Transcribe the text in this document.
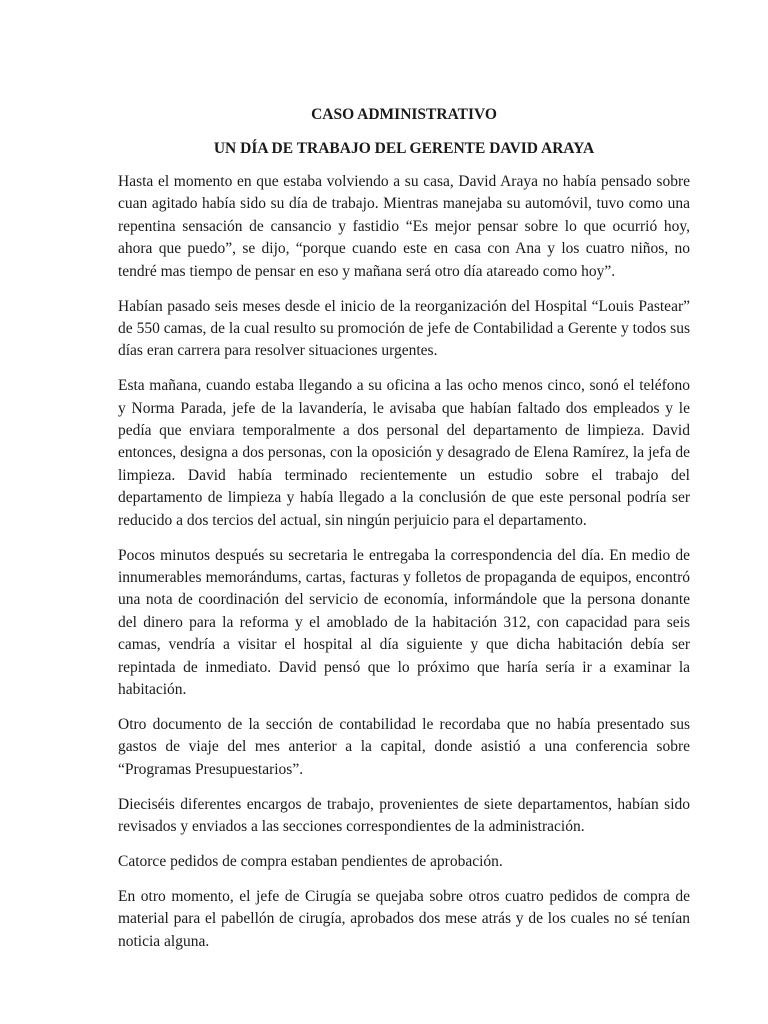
CASO ADMINISTRATIVO
UN DÍA DE TRABAJO DEL GERENTE DAVID ARAYA

Hasta el momento en que estaba volviendo a su casa, David Araya no había pensado sobre cuan agitado había sido su día de trabajo. Mientras manejaba su automóvil, tuvo como una repentina sensación de cansancio y fastidio “Es mejor pensar sobre lo que ocurrió hoy, ahora que puedo”, se dijo, “porque cuando este en casa con Ana y los cuatro niños, no tendré mas tiempo de pensar en eso y mañana será otro día atareado como hoy”.

Habían pasado seis meses desde el inicio de la reorganización del Hospital “Louis Pastear” de 550 camas, de la cual resulto su promoción de jefe de Contabilidad a Gerente y todos sus días eran carrera para resolver situaciones urgentes.

Esta mañana, cuando estaba llegando a su oficina a las ocho menos cinco, sonó el teléfono y Norma Parada, jefe de la lavandería, le avisaba que habían faltado dos empleados y le pedía que enviara temporalmente a dos personal del departamento de limpieza. David entonces, designa a dos personas, con la oposición y desagrado de Elena Ramírez, la jefa de limpieza. David había terminado recientemente un estudio sobre el trabajo del departamento de limpieza y había llegado a la conclusión de que este personal podría ser reducido a dos tercios del actual, sin ningún perjuicio para el departamento.

Pocos minutos después su secretaria le entregaba la correspondencia del día. En medio de innumerables memorándums, cartas, facturas y folletos de propaganda de equipos, encontró una nota de coordinación del servicio de economía, informándole que la persona donante del dinero para la reforma y el amoblado de la habitación 312, con capacidad para seis camas, vendría a visitar el hospital al día siguiente y que dicha habitación debía ser repintada de inmediato. David pensó que lo próximo que haría sería ir a examinar la habitación.

Otro documento de la sección de contabilidad le recordaba que no había presentado sus gastos de viaje del mes anterior a la capital, donde asistió a una conferencia sobre “Programas Presupuestarios”.

Dieciséis diferentes encargos de trabajo, provenientes de siete departamentos, habían sido revisados y enviados a las secciones correspondientes de la administración.

Catorce pedidos de compra estaban pendientes de aprobación.

En otro momento, el jefe de Cirugía se quejaba sobre otros cuatro pedidos de compra de material para el pabellón de cirugía, aprobados dos mese atrás y de los cuales no sé tenían noticia alguna.
